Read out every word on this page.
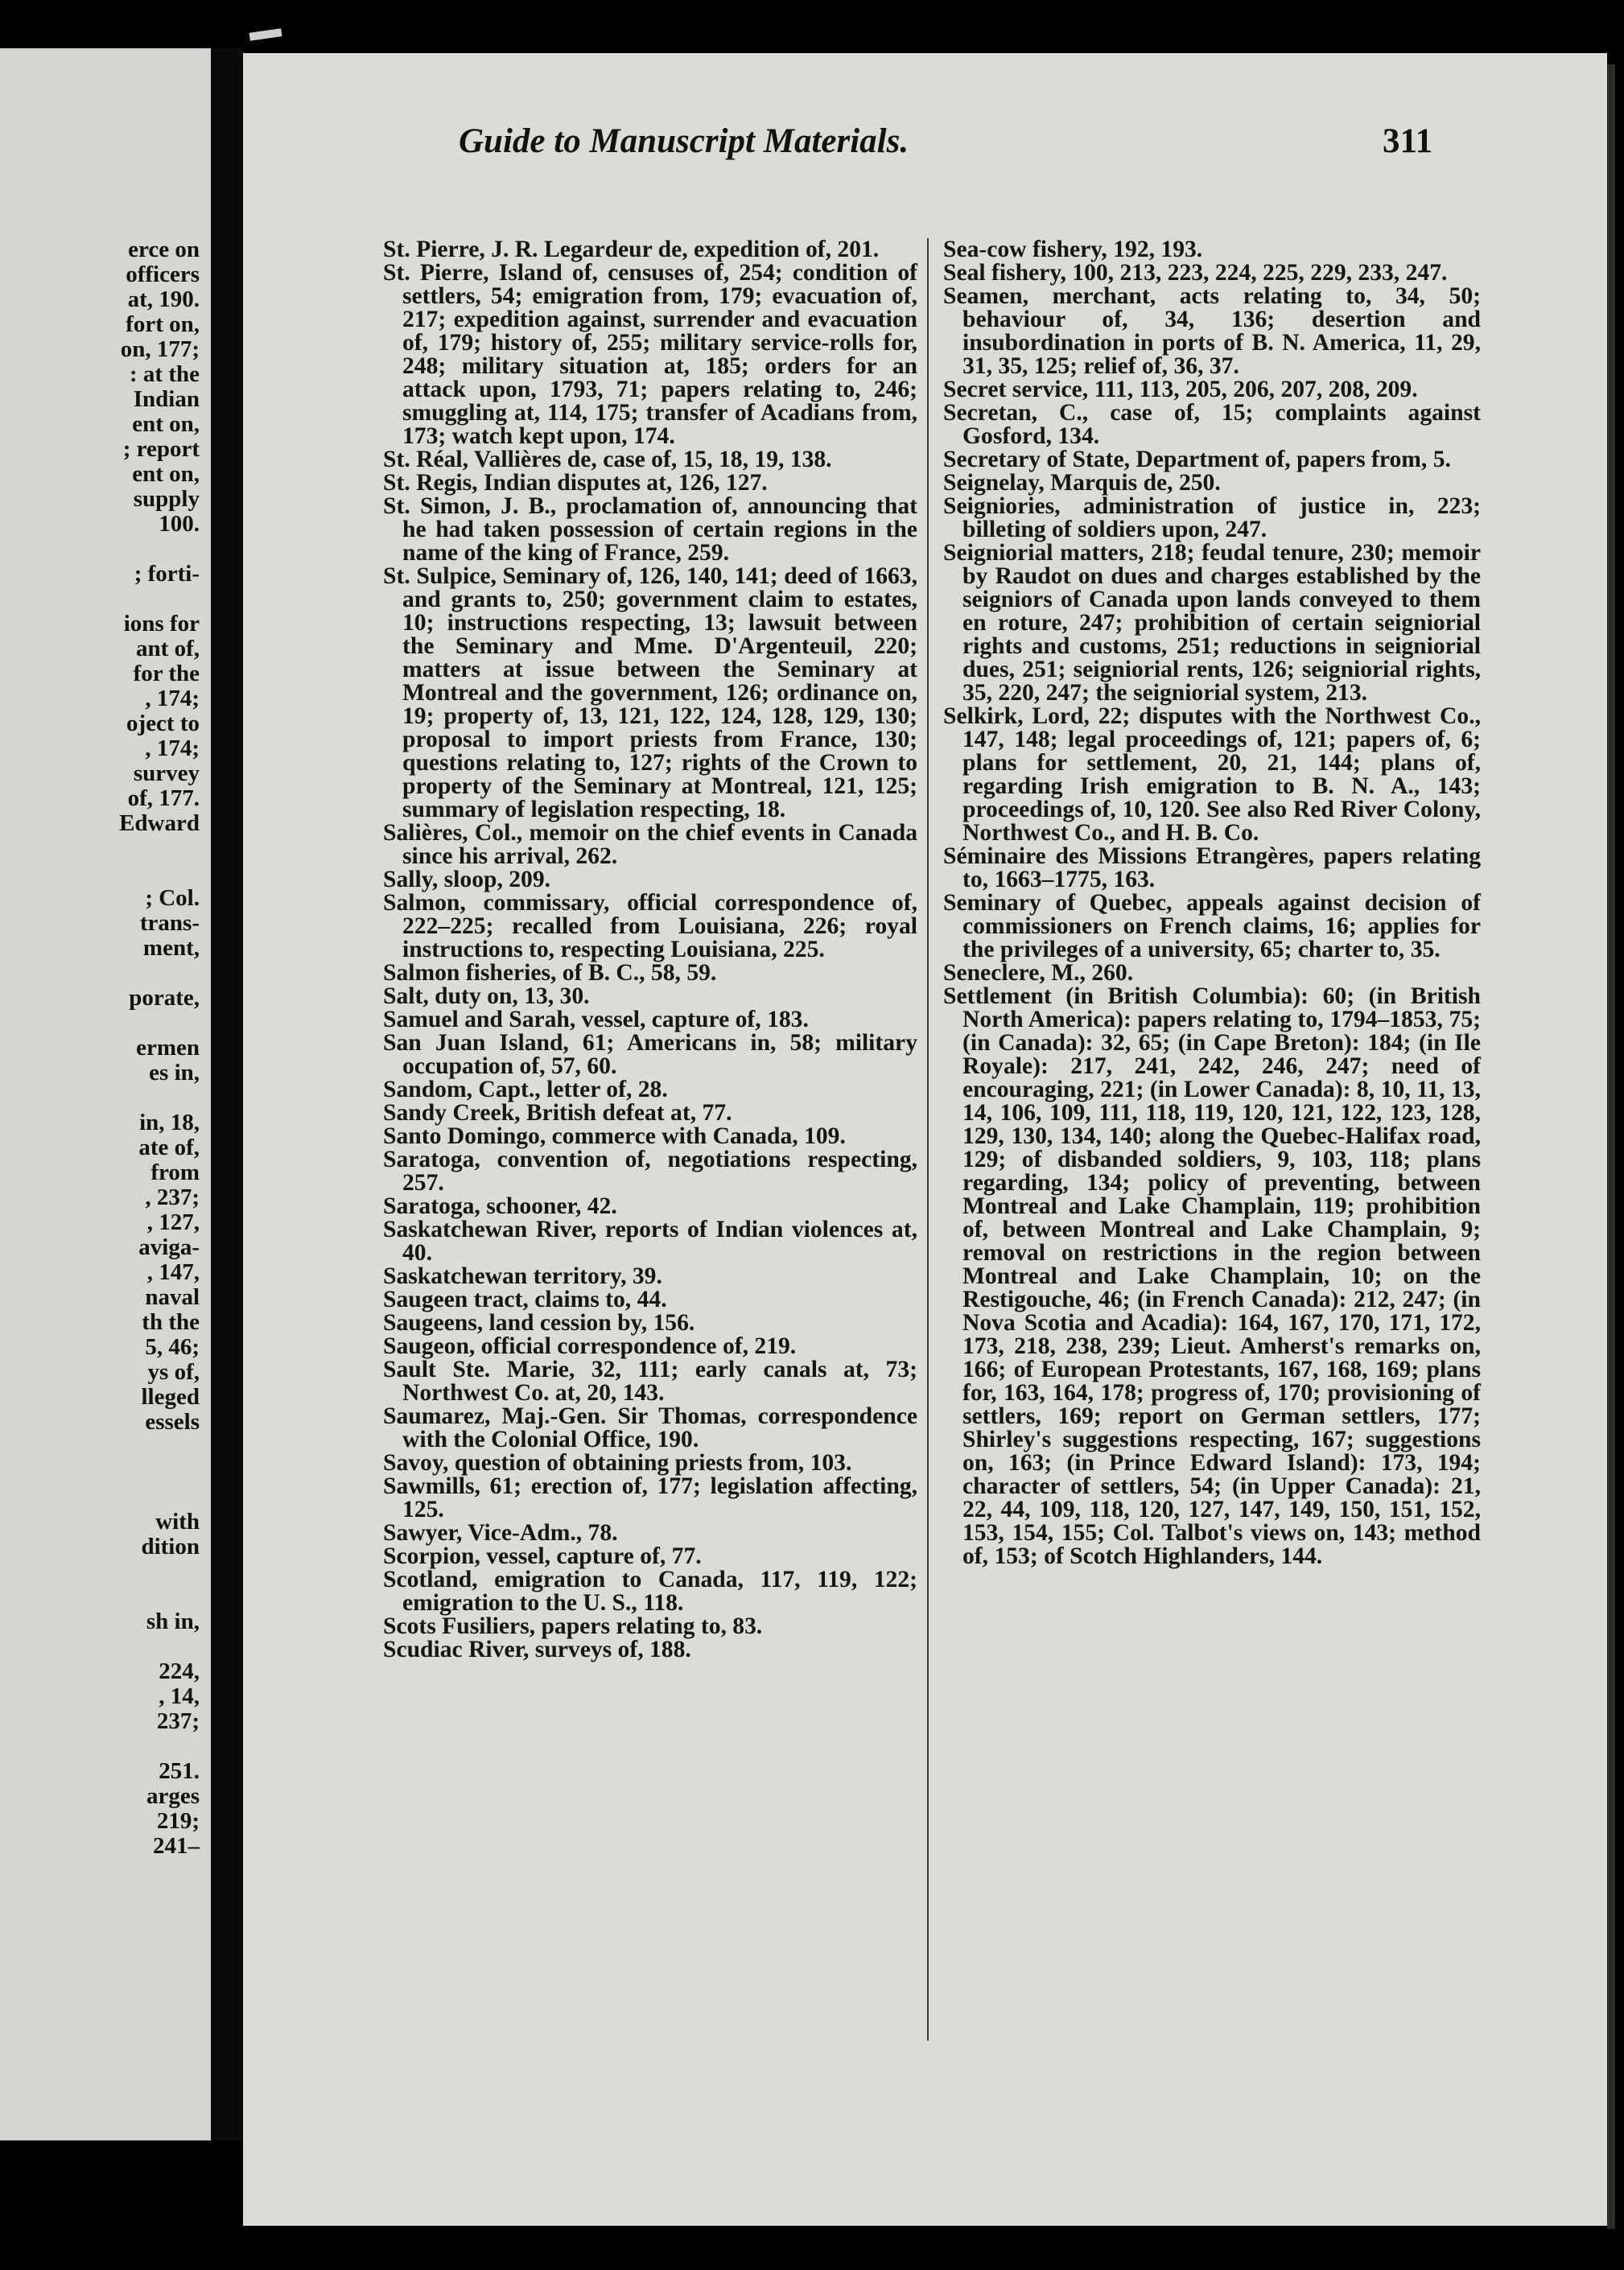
erce on
officers
at, 190.
fort on,
on, 177;
: at the
Indian
ent on,
; report
ent on,
supply
100.
; forti-
ions for
ant of,
for the
, 174;
oject to
, 174;
survey
of, 177.
Edward
; Col.
trans-
ment,
porate,
ermen
es in,
in, 18,
ate of,
from
, 237;
, 127,
aviga-
, 147,
naval
th the
5, 46;
ys of,
lleged
essels
with
dition
sh in,
224,
, 14,
237;
251.
arges
219;
241–
Guide to Manuscript Materials.	311

St. Pierre, J. R. Legardeur de, expedition of, 201.

St. Pierre, Island of, censuses of, 254; condition of settlers, 54; emigration from, 179; evacuation of, 217; expedition against, surrender and evacuation of, 179; history of, 255; military service-rolls for, 248; military situation at, 185; orders for an attack upon, 1793, 71; papers relating to, 246; smuggling at, 114, 175; transfer of Acadians from, 173; watch kept upon, 174.

St. Réal, Vallières de, case of, 15, 18, 19, 138.

St. Regis, Indian disputes at, 126, 127.

St. Simon, J. B., proclamation of, announcing that he had taken possession of certain regions in the name of the king of France, 259.

St. Sulpice, Seminary of, 126, 140, 141; deed of 1663, and grants to, 250; government claim to estates, 10; instructions respecting, 13; lawsuit between the Seminary and Mme. D'Argenteuil, 220; matters at issue between the Seminary at Montreal and the government, 126; ordinance on, 19; property of, 13, 121, 122, 124, 128, 129, 130; proposal to import priests from France, 130; questions relating to, 127; rights of the Crown to property of the Seminary at Montreal, 121, 125; summary of legislation respecting, 18.

Salières, Col., memoir on the chief events in Canada since his arrival, 262.

Sally, sloop, 209.

Salmon, commissary, official correspondence of, 222–225; recalled from Louisiana, 226; royal instructions to, respecting Louisiana, 225.

Salmon fisheries, of B. C., 58, 59.

Salt, duty on, 13, 30.

Samuel and Sarah, vessel, capture of, 183.

San Juan Island, 61; Americans in, 58; military occupation of, 57, 60.

Sandom, Capt., letter of, 28.

Sandy Creek, British defeat at, 77.

Santo Domingo, commerce with Canada, 109.

Saratoga, convention of, negotiations respecting, 257.

Saratoga, schooner, 42.

Saskatchewan River, reports of Indian violences at, 40.

Saskatchewan territory, 39.

Saugeen tract, claims to, 44.

Saugeens, land cession by, 156.

Saugeon, official correspondence of, 219.

Sault Ste. Marie, 32, 111; early canals at, 73; Northwest Co. at, 20, 143.

Saumarez, Maj.-Gen. Sir Thomas, correspondence with the Colonial Office, 190.

Savoy, question of obtaining priests from, 103.

Sawmills, 61; erection of, 177; legislation affecting, 125.

Sawyer, Vice-Adm., 78.

Scorpion, vessel, capture of, 77.

Scotland, emigration to Canada, 117, 119, 122; emigration to the U. S., 118.

Scots Fusiliers, papers relating to, 83.

Scudiac River, surveys of, 188.

Sea-cow fishery, 192, 193.

Seal fishery, 100, 213, 223, 224, 225, 229, 233, 247.

Seamen, merchant, acts relating to, 34, 50; behaviour of, 34, 136; desertion and insubordination in ports of B. N. America, 11, 29, 31, 35, 125; relief of, 36, 37.

Secret service, 111, 113, 205, 206, 207, 208, 209.

Secretan, C., case of, 15; complaints against Gosford, 134.

Secretary of State, Department of, papers from, 5.

Seignelay, Marquis de, 250.

Seigniories, administration of justice in, 223; billeting of soldiers upon, 247.

Seigniorial matters, 218; feudal tenure, 230; memoir by Raudot on dues and charges established by the seigniors of Canada upon lands conveyed to them en roture, 247; prohibition of certain seigniorial rights and customs, 251; reductions in seigniorial dues, 251; seigniorial rents, 126; seigniorial rights, 35, 220, 247; the seigniorial system, 213.

Selkirk, Lord, 22; disputes with the Northwest Co., 147, 148; legal proceedings of, 121; papers of, 6; plans for settlement, 20, 21, 144; plans of, regarding Irish emigration to B. N. A., 143; proceedings of, 10, 120. See also Red River Colony, Northwest Co., and H. B. Co.

Séminaire des Missions Etrangères, papers relating to, 1663–1775, 163.

Seminary of Quebec, appeals against decision of commissioners on French claims, 16; applies for the privileges of a university, 65; charter to, 35.

Seneclere, M., 260.

Settlement (in British Columbia): 60; (in British North America): papers relating to, 1794–1853, 75; (in Canada): 32, 65; (in Cape Breton): 184; (in Ile Royale): 217, 241, 242, 246, 247; need of encouraging, 221; (in Lower Canada): 8, 10, 11, 13, 14, 106, 109, 111, 118, 119, 120, 121, 122, 123, 128, 129, 130, 134, 140; along the Quebec-Halifax road, 129; of disbanded soldiers, 9, 103, 118; plans regarding, 134; policy of preventing, between Montreal and Lake Champlain, 119; prohibition of, between Montreal and Lake Champlain, 9; removal on restrictions in the region between Montreal and Lake Champlain, 10; on the Restigouche, 46; (in French Canada): 212, 247; (in Nova Scotia and Acadia): 164, 167, 170, 171, 172, 173, 218, 238, 239; Lieut. Amherst's remarks on, 166; of European Protestants, 167, 168, 169; plans for, 163, 164, 178; progress of, 170; provisioning of settlers, 169; report on German settlers, 177; Shirley's suggestions respecting, 167; suggestions on, 163; (in Prince Edward Island): 173, 194; character of settlers, 54; (in Upper Canada): 21, 22, 44, 109, 118, 120, 127, 147, 149, 150, 151, 152, 153, 154, 155; Col. Talbot's views on, 143; method of, 153; of Scotch Highlanders, 144.
